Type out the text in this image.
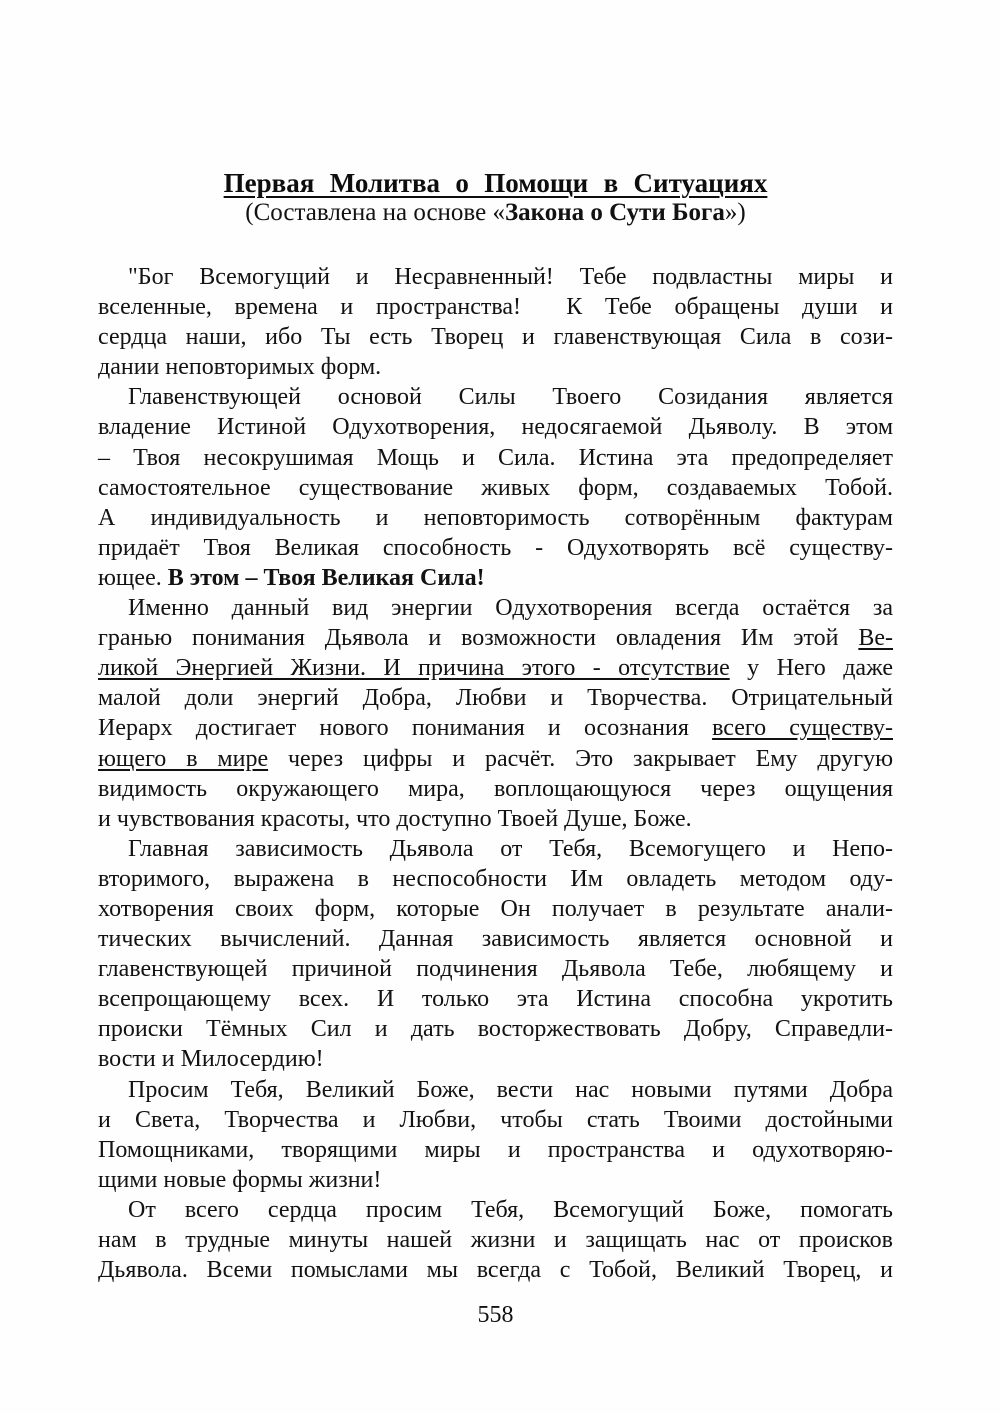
Первая Молитва о Помощи в Ситуациях

(Составлена на основе «Закона о Сути Бога»)

"Бог Всемогущий и Несравненный! Тебе подвластны миры и
вселенные, времена и пространства!  К Тебе обращены души и
сердца наши, ибо Ты есть Творец и главенствующая Сила в сози-
дании неповторимых форм.
Главенствующей основой Силы Твоего Созидания является
владение Истиной Одухотворения, недосягаемой Дьяволу. В этом
– Твоя несокрушимая Мощь и Сила. Истина эта предопределяет
самостоятельное существование живых форм, создаваемых Тобой.
А индивидуальность и неповторимость сотворённым фактурам
придаёт Твоя Великая способность - Одухотворять всё существу-
ющее. В этом – Твоя Великая Сила!
Именно данный вид энергии Одухотворения всегда остаётся за
гранью понимания Дьявола и возможности овладения Им этой Ве-
ликой Энергией Жизни. И причина этого - отсутствие у Него даже
малой доли энергий Добра, Любви и Творчества. Отрицательный
Иерарх достигает нового понимания и осознания всего существу-
ющего в мире через цифры и расчёт. Это закрывает Ему другую
видимость окружающего мира, воплощающуюся через ощущения
и чувствования красоты, что доступно Твоей Душе, Боже.
Главная зависимость Дьявола от Тебя, Всемогущего и Непо-
вторимого, выражена в неспособности Им овладеть методом оду-
хотворения своих форм, которые Он получает в результате анали-
тических вычислений. Данная зависимость является основной и
главенствующей причиной подчинения Дьявола Тебе, любящему и
всепрощающему всех. И только эта Истина способна укротить
происки Тёмных Сил и дать восторжествовать Добру, Справедли-
вости и Милосердию!
Просим Тебя, Великий Боже, вести нас новыми путями Добра
и Света, Творчества и Любви, чтобы стать Твоими достойными
Помощниками, творящими миры и пространства и одухотворяю-
щими новые формы жизни!
От всего сердца просим Тебя, Всемогущий Боже, помогать
нам в трудные минуты нашей жизни и защищать нас от происков
Дьявола. Всеми помыслами мы всегда с Тобой, Великий Творец, и
558
